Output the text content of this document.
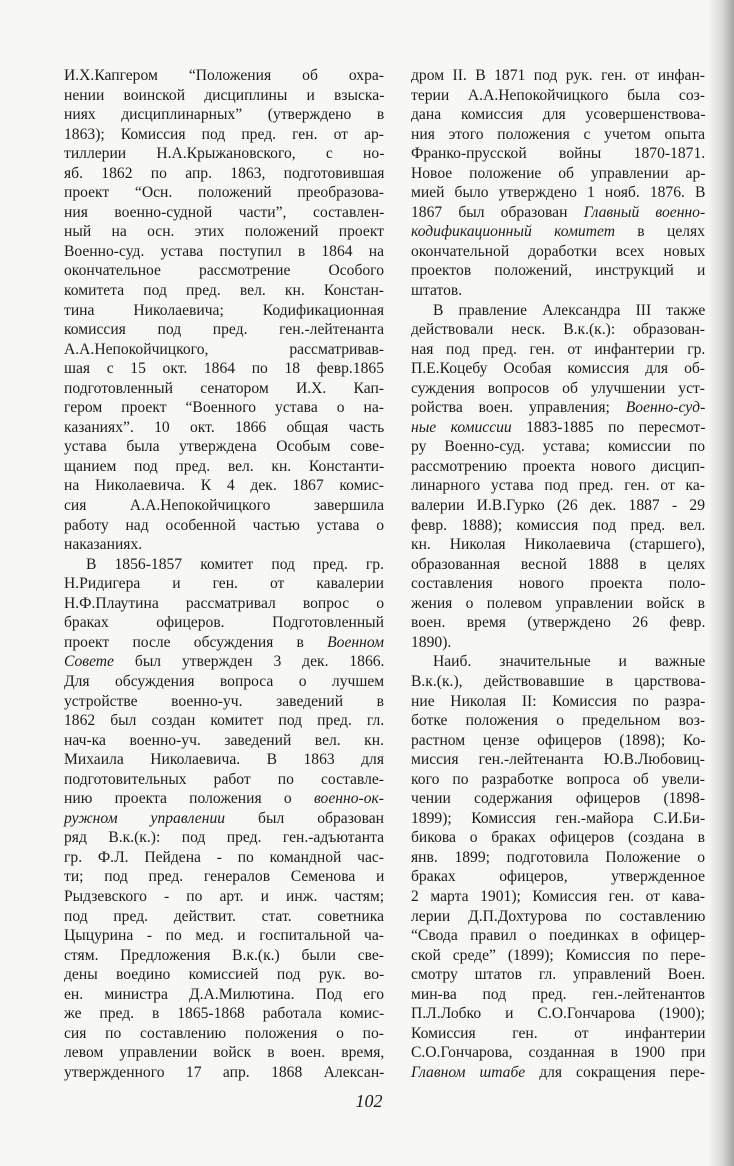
И.Х.Капгером “Положения об охра-
нении воинской дисциплины и взыска-
ниях дисциплинарных” (утверждено в
1863); Комиссия под пред. ген. от ар-
тиллерии Н.А.Крыжановского, с но-
яб. 1862 по апр. 1863, подготовившая
проект “Осн. положений преобразова-
ния военно-судной части”, составлен-
ный на осн. этих положений проект
Военно-суд. устава поступил в 1864 на
окончательное рассмотрение Особого
комитета под пред. вел. кн. Констан-
тина Николаевича; Кодификационная
комиссия под пред. ген.-лейтенанта
А.А.Непокойчицкого, рассматривав-
шая с 15 окт. 1864 по 18 февр.1865
подготовленный сенатором И.Х. Кап-
гером проект “Военного устава о на-
казаниях”. 10 окт. 1866 общая часть
устава была утверждена Особым сове-
щанием под пред. вел. кн. Константи-
на Николаевича. К 4 дек. 1867 комис-
сия А.А.Непокойчицкого завершила
работу над особенной частью устава о
наказаниях.
В 1856-1857 комитет под пред. гр.
Н.Ридигера и ген. от кавалерии
Н.Ф.Плаутина рассматривал вопрос о
браках офицеров. Подготовленный
проект после обсуждения в Военном
Совете был утвержден 3 дек. 1866.
Для обсуждения вопроса о лучшем
устройстве военно-уч. заведений в
1862 был создан комитет под пред. гл.
нач-ка военно-уч. заведений вел. кн.
Михаила Николаевича. В 1863 для
подготовительных работ по составле-
нию проекта положения о военно-ок-
ружном управлении был образован
ряд В.к.(к.): под пред. ген.-адъютанта
гр. Ф.Л. Пейдена - по командной час-
ти; под пред. генералов Семенова и
Рыдзевского - по арт. и инж. частям;
под пред. действит. стат. советника
Цыцурина - по мед. и госпитальной ча-
стям. Предложения В.к.(к.) были све-
дены воедино комиссией под рук. во-
ен. министра Д.А.Милютина. Под его
же пред. в 1865-1868 работала комис-
сия по составлению положения о по-
левом управлении войск в воен. время,
утвержденного 17 апр. 1868 Алексан-
дром II. В 1871 под рук. ген. от инфан-
терии А.А.Непокойчицкого была соз-
дана комиссия для усовершенствова-
ния этого положения с учетом опыта
Франко-прусской войны 1870-1871.
Новое положение об управлении ар-
мией было утверждено 1 нояб. 1876. В
1867 был образован Главный военно-
кодификационный комитет в целях
окончательной доработки всех новых
проектов положений, инструкций и
штатов.
В правление Александра III также
действовали неск. В.к.(к.): образован-
ная под пред. ген. от инфантерии гр.
П.Е.Коцебу Особая комиссия для об-
суждения вопросов об улучшении уст-
ройства воен. управления; Военно-суд-
ные комиссии 1883-1885 по пересмот-
ру Военно-суд. устава; комиссии по
рассмотрению проекта нового дисцип-
линарного устава под пред. ген. от ка-
валерии И.В.Гурко (26 дек. 1887 - 29
февр. 1888); комиссия под пред. вел.
кн. Николая Николаевича (старшего),
образованная весной 1888 в целях
составления нового проекта поло-
жения о полевом управлении войск в
воен. время (утверждено 26 февр.
1890).
Наиб. значительные и важные
В.к.(к.), действовавшие в царствова-
ние Николая II: Комиссия по разра-
ботке положения о предельном воз-
растном цензе офицеров (1898); Ко-
миссия ген.-лейтенанта Ю.В.Любовиц-
кого по разработке вопроса об увели-
чении содержания офицеров (1898-
1899); Комиссия ген.-майора С.И.Би-
бикова о браках офицеров (создана в
янв. 1899; подготовила Положение о
браках офицеров, утвержденное
2 марта 1901); Комиссия ген. от кава-
лерии Д.П.Дохтурова по составлению
“Свода правил о поединках в офицер-
ской среде” (1899); Комиссия по пере-
смотру штатов гл. управлений Воен.
мин-ва под пред. ген.-лейтенантов
П.Л.Лобко и С.О.Гончарова (1900);
Комиссия ген. от инфантерии
С.О.Гончарова, созданная в 1900 при
Главном штабе для сокращения пере-
102
